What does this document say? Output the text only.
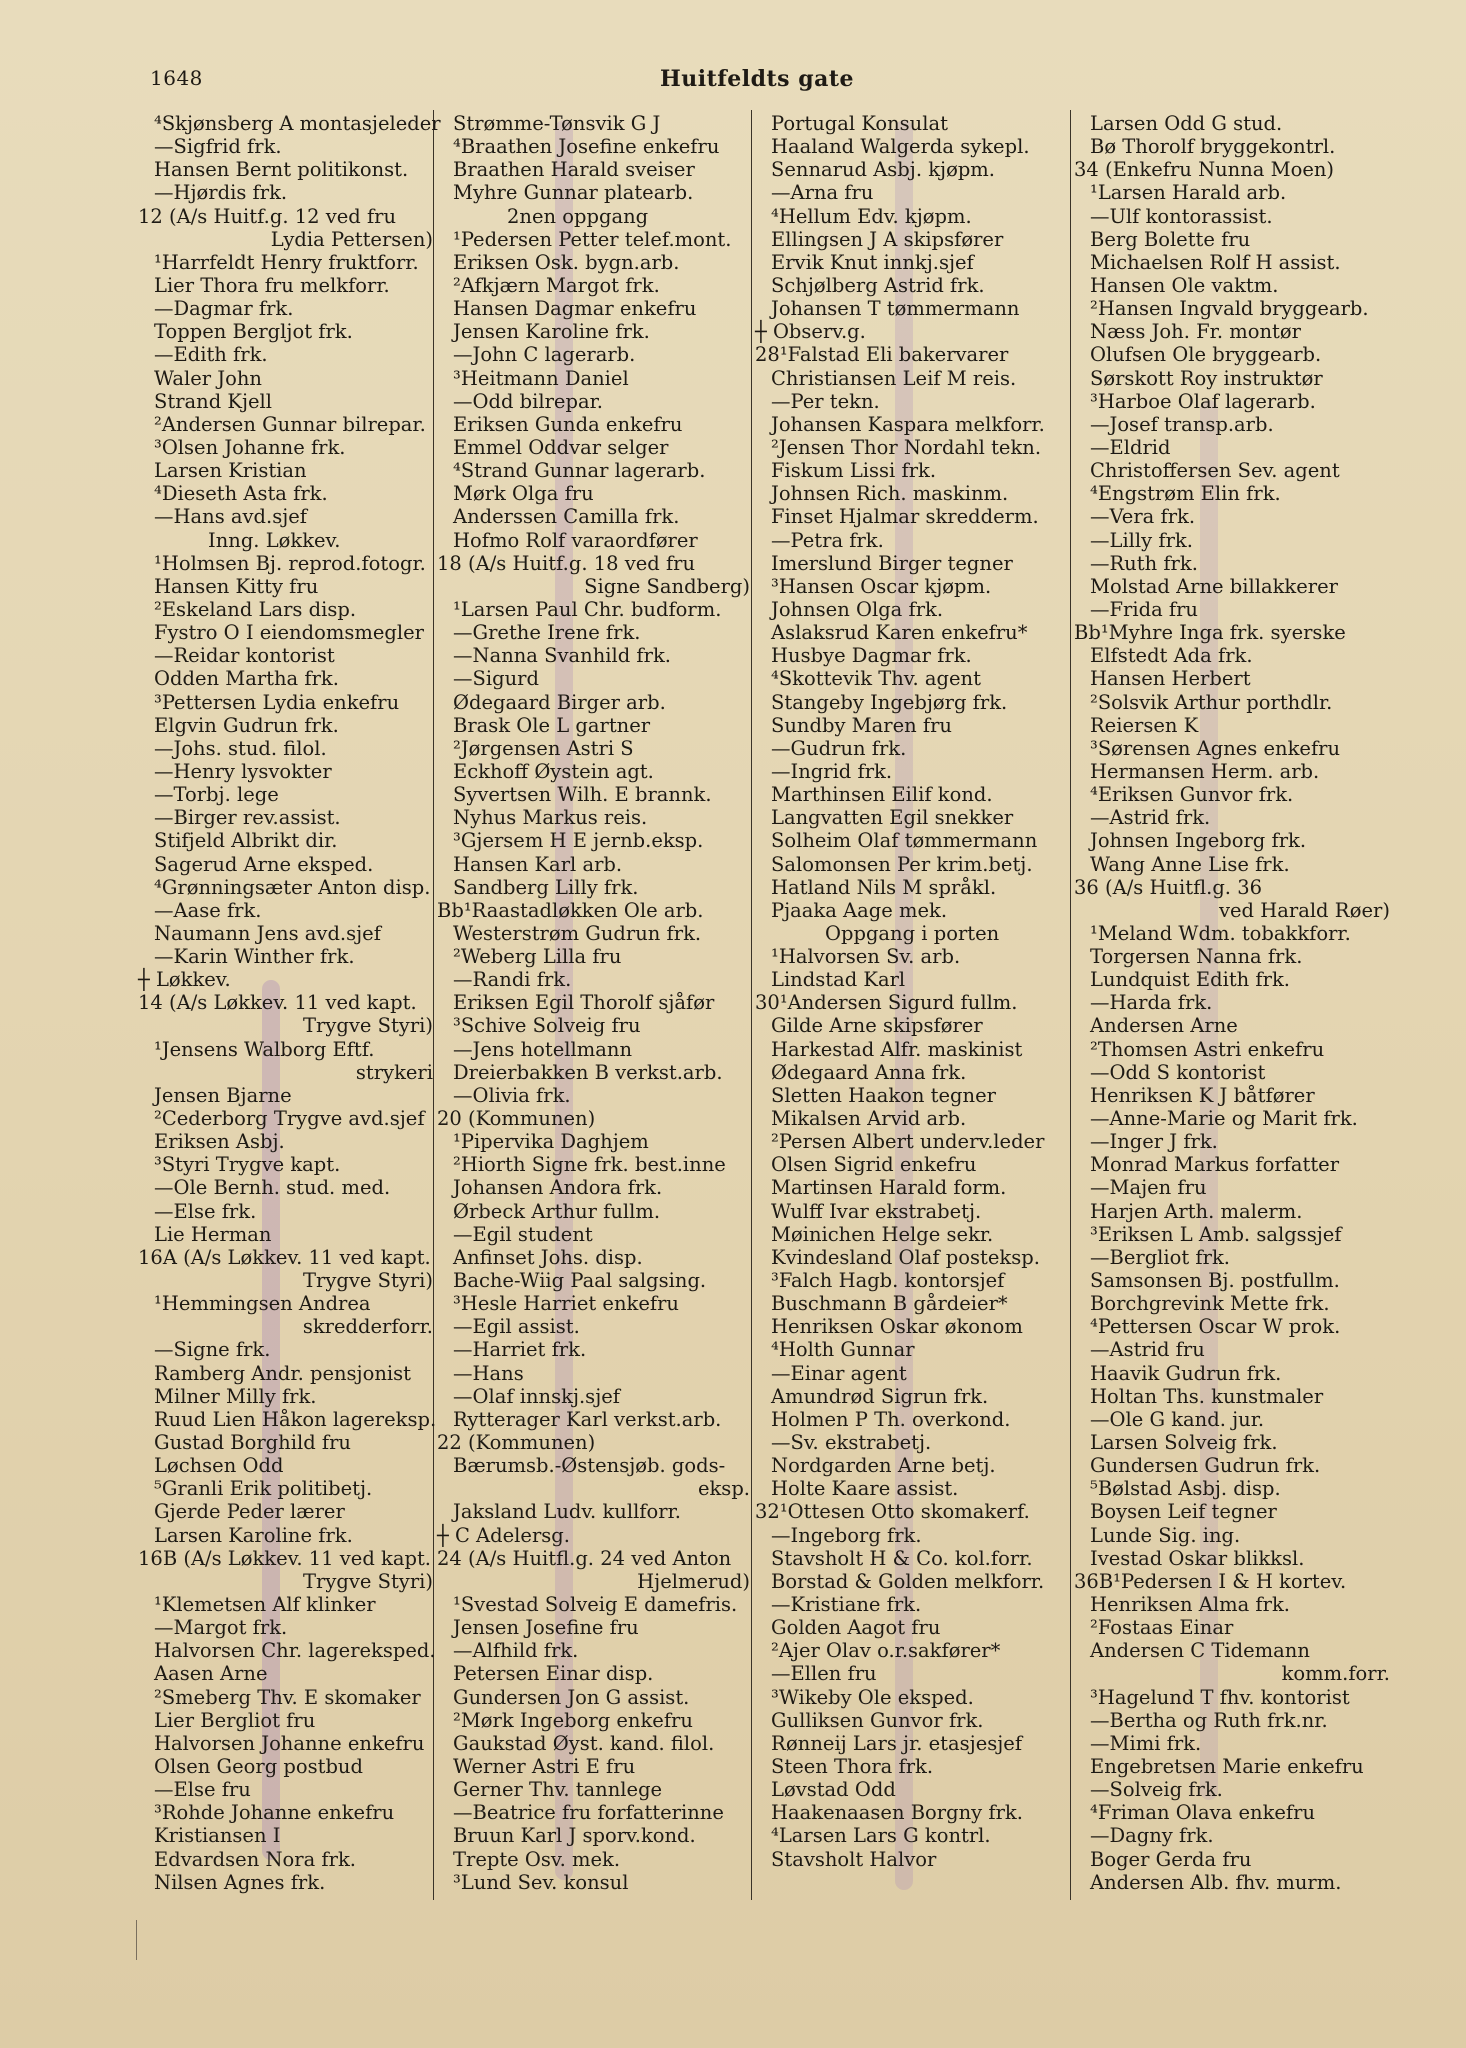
1648	Huitfeldts gate
⁴Skjønsberg A montasjeleder
—Sigfrid frk.
Hansen Bernt politikonst.
—Hjørdis frk.
12 (A/s Huitf.g. 12 ved fru
Lydia Pettersen)
¹Harrfeldt Henry fruktforr.
Lier Thora fru melkforr.
—Dagmar frk.
Toppen Bergljot frk.
—Edith frk.
Waler John
Strand Kjell
²Andersen Gunnar bilrepar.
³Olsen Johanne frk.
Larsen Kristian
⁴Dieseth Asta frk.
—Hans avd.sjef
Inng. Løkkev.
¹Holmsen Bj. reprod.fotogr.
Hansen Kitty fru
²Eskeland Lars disp.
Fystro O I eiendomsmegler
—Reidar kontorist
Odden Martha frk.
³Pettersen Lydia enkefru
Elgvin Gudrun frk.
—Johs. stud. filol.
—Henry lysvokter
—Torbj. lege
—Birger rev.assist.
Stifjeld Albrikt dir.
Sagerud Arne eksped.
⁴Grønningsæter Anton disp.
—Aase frk.
Naumann Jens avd.sjef
—Karin Winther frk.
┼ Løkkev.
14 (A/s Løkkev. 11 ved kapt.
Trygve Styri)
¹Jensens Walborg Eftf.
strykeri
Jensen Bjarne
²Cederborg Trygve avd.sjef
Eriksen Asbj.
³Styri Trygve kapt.
—Ole Bernh. stud. med.
—Else frk.
Lie Herman
16A (A/s Løkkev. 11 ved kapt.
Trygve Styri)
¹Hemmingsen Andrea
skredderforr.
—Signe frk.
Ramberg Andr. pensjonist
Milner Milly frk.
Ruud Lien Håkon lagereksp.
Gustad Borghild fru
Løchsen Odd
⁵Granli Erik politibetj.
Gjerde Peder lærer
Larsen Karoline frk.
16B (A/s Løkkev. 11 ved kapt.
Trygve Styri)
¹Klemetsen Alf klinker
—Margot frk.
Halvorsen Chr. lagereksped.
Aasen Arne
²Smeberg Thv. E skomaker
Lier Bergliot fru
Halvorsen Johanne enkefru
Olsen Georg postbud
—Else fru
³Rohde Johanne enkefru
Kristiansen I
Edvardsen Nora frk.
Nilsen Agnes frk.
Strømme-Tønsvik G J
⁴Braathen Josefine enkefru
Braathen Harald sveiser
Myhre Gunnar platearb.
2nen oppgang
¹Pedersen Petter telef.mont.
Eriksen Osk. bygn.arb.
²Afkjærn Margot frk.
Hansen Dagmar enkefru
Jensen Karoline frk.
—John C lagerarb.
³Heitmann Daniel
—Odd bilrepar.
Eriksen Gunda enkefru
Emmel Oddvar selger
⁴Strand Gunnar lagerarb.
Mørk Olga fru
Anderssen Camilla frk.
Hofmo Rolf varaordfører
18 (A/s Huitf.g. 18 ved fru
Signe Sandberg)
¹Larsen Paul Chr. budform.
—Grethe Irene frk.
—Nanna Svanhild frk.
—Sigurd
Ødegaard Birger arb.
Brask Ole L gartner
²Jørgensen Astri S
Eckhoff Øystein agt.
Syvertsen Wilh. E brannk.
Nyhus Markus reis.
³Gjersem H E jernb.eksp.
Hansen Karl arb.
Sandberg Lilly frk.
Bb¹Raastadløkken Ole arb.
Westerstrøm Gudrun frk.
²Weberg Lilla fru
—Randi frk.
Eriksen Egil Thorolf sjåfør
³Schive Solveig fru
—Jens hotellmann
Dreierbakken B verkst.arb.
—Olivia frk.
20 (Kommunen)
¹Pipervika Daghjem
²Hiorth Signe frk. best.inne
Johansen Andora frk.
Ørbeck Arthur fullm.
—Egil student
Anfinset Johs. disp.
Bache-Wiig Paal salgsing.
³Hesle Harriet enkefru
—Egil assist.
—Harriet frk.
—Hans
—Olaf innskj.sjef
Rytterager Karl verkst.arb.
22 (Kommunen)
Bærumsb.-Østensjøb. gods-
eksp.
Jaksland Ludv. kullforr.
┼ C Adelersg.
24 (A/s Huitfl.g. 24 ved Anton
Hjelmerud)
¹Svestad Solveig E damefris.
Jensen Josefine fru
—Alfhild frk.
Petersen Einar disp.
Gundersen Jon G assist.
²Mørk Ingeborg enkefru
Gaukstad Øyst. kand. filol.
Werner Astri E fru
Gerner Thv. tannlege
—Beatrice fru forfatterinne
Bruun Karl J sporv.kond.
Trepte Osv. mek.
³Lund Sev. konsul
Portugal Konsulat
Haaland Walgerda sykepl.
Sennarud Asbj. kjøpm.
—Arna fru
⁴Hellum Edv. kjøpm.
Ellingsen J A skipsfører
Ervik Knut innkj.sjef
Schjølberg Astrid frk.
Johansen T tømmermann
┼ Observ.g.
28¹Falstad Eli bakervarer
Christiansen Leif M reis.
—Per tekn.
Johansen Kaspara melkforr.
²Jensen Thor Nordahl tekn.
Fiskum Lissi frk.
Johnsen Rich. maskinm.
Finset Hjalmar skredderm.
—Petra frk.
Imerslund Birger tegner
³Hansen Oscar kjøpm.
Johnsen Olga frk.
Aslaksrud Karen enkefru*
Husbye Dagmar frk.
⁴Skottevik Thv. agent
Stangeby Ingebjørg frk.
Sundby Maren fru
—Gudrun frk.
—Ingrid frk.
Marthinsen Eilif kond.
Langvatten Egil snekker
Solheim Olaf tømmermann
Salomonsen Per krim.betj.
Hatland Nils M språkl.
Pjaaka Aage mek.
Oppgang i porten
¹Halvorsen Sv. arb.
Lindstad Karl
30¹Andersen Sigurd fullm.
Gilde Arne skipsfører
Harkestad Alfr. maskinist
Ødegaard Anna frk.
Sletten Haakon tegner
Mikalsen Arvid arb.
²Persen Albert underv.leder
Olsen Sigrid enkefru
Martinsen Harald form.
Wulff Ivar ekstrabetj.
Møinichen Helge sekr.
Kvindesland Olaf posteksp.
³Falch Hagb. kontorsjef
Buschmann B gårdeier*
Henriksen Oskar økonom
⁴Holth Gunnar
—Einar agent
Amundrød Sigrun frk.
Holmen P Th. overkond.
—Sv. ekstrabetj.
Nordgarden Arne betj.
Holte Kaare assist.
32¹Ottesen Otto skomakerf.
—Ingeborg frk.
Stavsholt H & Co. kol.forr.
Borstad & Golden melkforr.
—Kristiane frk.
Golden Aagot fru
²Ajer Olav o.r.sakfører*
—Ellen fru
³Wikeby Ole eksped.
Gulliksen Gunvor frk.
Rønneij Lars jr. etasjesjef
Steen Thora frk.
Løvstad Odd
Haakenaasen Borgny frk.
⁴Larsen Lars G kontrl.
Stavsholt Halvor
Larsen Odd G stud.
Bø Thorolf bryggekontrl.
34 (Enkefru Nunna Moen)
¹Larsen Harald arb.
—Ulf kontorassist.
Berg Bolette fru
Michaelsen Rolf H assist.
Hansen Ole vaktm.
²Hansen Ingvald bryggearb.
Næss Joh. Fr. montør
Olufsen Ole bryggearb.
Sørskott Roy instruktør
³Harboe Olaf lagerarb.
—Josef transp.arb.
—Eldrid
Christoffersen Sev. agent
⁴Engstrøm Elin frk.
—Vera frk.
—Lilly frk.
—Ruth frk.
Molstad Arne billakkerer
—Frida fru
Bb¹Myhre Inga frk. syerske
Elfstedt Ada frk.
Hansen Herbert
²Solsvik Arthur porthdlr.
Reiersen K
³Sørensen Agnes enkefru
Hermansen Herm. arb.
⁴Eriksen Gunvor frk.
—Astrid frk.
Johnsen Ingeborg frk.
Wang Anne Lise frk.
36 (A/s Huitfl.g. 36
ved Harald Røer)
¹Meland Wdm. tobakkforr.
Torgersen Nanna frk.
Lundquist Edith frk.
—Harda frk.
Andersen Arne
²Thomsen Astri enkefru
—Odd S kontorist
Henriksen K J båtfører
—Anne-Marie og Marit frk.
—Inger J frk.
Monrad Markus forfatter
—Majen fru
Harjen Arth. malerm.
³Eriksen L Amb. salgssjef
—Bergliot frk.
Samsonsen Bj. postfullm.
Borchgrevink Mette frk.
⁴Pettersen Oscar W prok.
—Astrid fru
Haavik Gudrun frk.
Holtan Ths. kunstmaler
—Ole G kand. jur.
Larsen Solveig frk.
Gundersen Gudrun frk.
⁵Bølstad Asbj. disp.
Boysen Leif tegner
Lunde Sig. ing.
Ivestad Oskar blikksl.
36B¹Pedersen I & H kortev.
Henriksen Alma frk.
²Fostaas Einar
Andersen C Tidemann
komm.forr.
³Hagelund T fhv. kontorist
—Bertha og Ruth frk.nr.
—Mimi frk.
Engebretsen Marie enkefru
—Solveig frk.
⁴Friman Olava enkefru
—Dagny frk.
Boger Gerda fru
Andersen Alb. fhv. murm.
